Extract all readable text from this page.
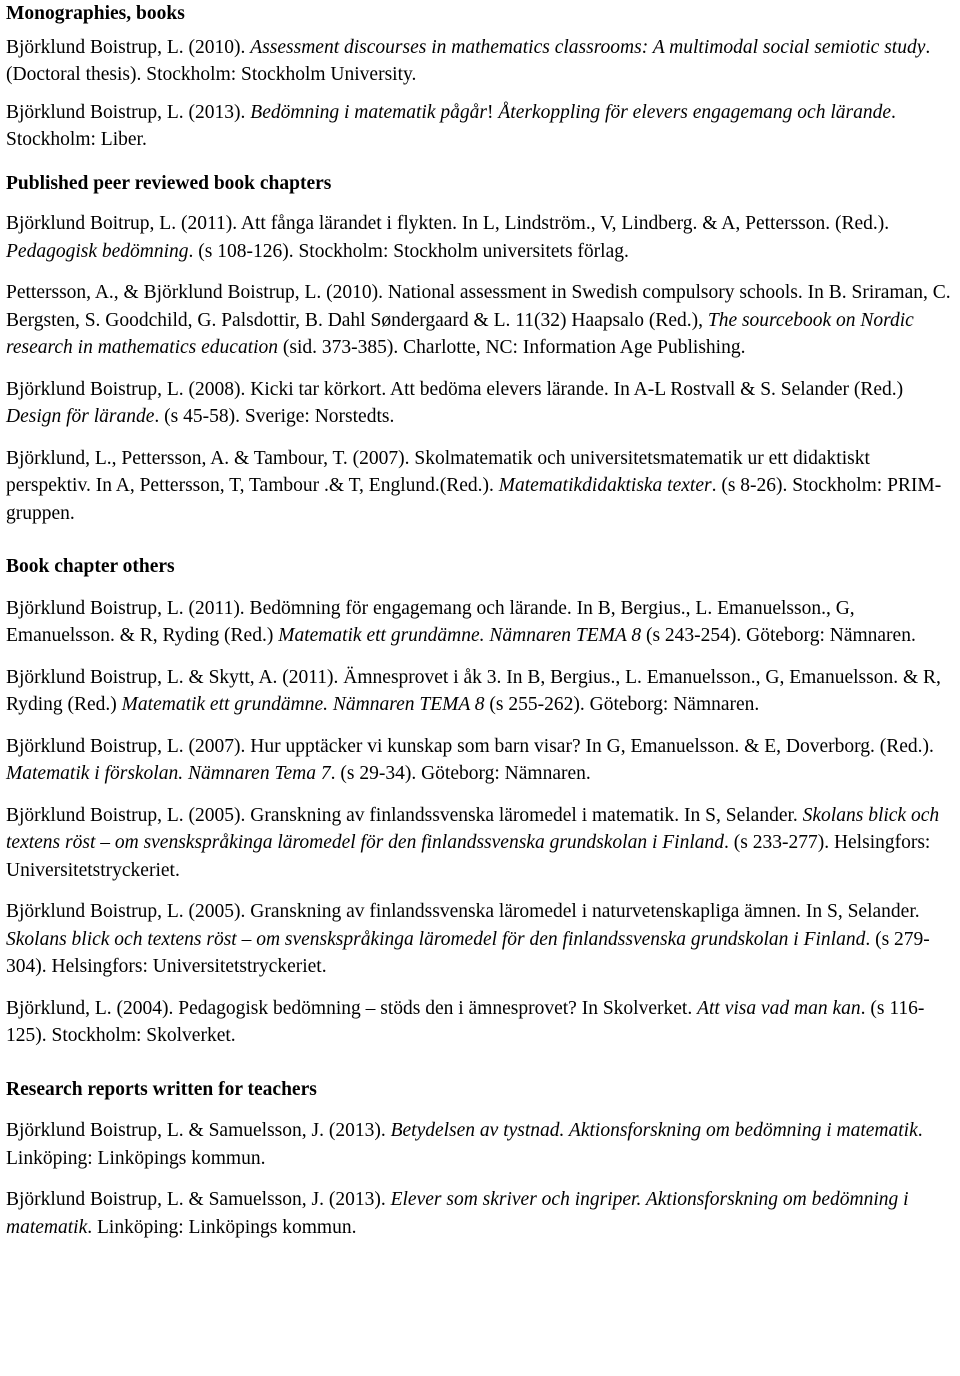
Monographies, books
Björklund Boistrup, L. (2010). Assessment discourses in mathematics classrooms: A multimodal social semiotic study. (Doctoral thesis). Stockholm: Stockholm University.
Björklund Boistrup, L. (2013). Bedömning i matematik pågår! Återkoppling för elevers engagemang och lärande. Stockholm: Liber.
Published peer reviewed book chapters
Björklund Boitrup, L. (2011). Att fånga lärandet i flykten. In L, Lindström., V, Lindberg. & A, Pettersson. (Red.). Pedagogisk bedömning. (s 108-126). Stockholm: Stockholm universitets förlag.
Pettersson, A., & Björklund Boistrup, L. (2010). National assessment in Swedish compulsory schools. In B. Sriraman, C. Bergsten, S. Goodchild, G. Palsdottir, B. Dahl Søndergaard & L. 11(32) Haapsalo (Red.), The sourcebook on Nordic research in mathematics education (sid. 373-385). Charlotte, NC: Information Age Publishing.
Björklund Boistrup, L. (2008). Kicki tar körkort. Att bedöma elevers lärande. In A-L Rostvall & S. Selander (Red.) Design för lärande. (s 45-58). Sverige: Norstedts.
Björklund, L., Pettersson, A. & Tambour, T. (2007). Skolmatematik och universitetsmatematik ur ett didaktiskt perspektiv. In A, Pettersson, T, Tambour .& T, Englund.(Red.). Matematikdidaktiska texter. (s 8-26). Stockholm: PRIM-gruppen.
Book chapter others
Björklund Boistrup, L. (2011). Bedömning för engagemang och lärande. In B, Bergius., L. Emanuelsson., G, Emanuelsson. & R, Ryding (Red.) Matematik ett grundämne. Nämnaren TEMA 8 (s 243-254). Göteborg: Nämnaren.
Björklund Boistrup, L. & Skytt, A. (2011). Ämnesprovet i åk 3. In B, Bergius., L. Emanuelsson., G, Emanuelsson. & R, Ryding (Red.) Matematik ett grundämne. Nämnaren TEMA 8 (s 255-262). Göteborg: Nämnaren.
Björklund Boistrup, L. (2007). Hur upptäcker vi kunskap som barn visar? In G, Emanuelsson. & E, Doverborg. (Red.). Matematik i förskolan. Nämnaren Tema 7. (s 29-34). Göteborg: Nämnaren.
Björklund Boistrup, L. (2005). Granskning av finlandssvenska läromedel i matematik. In S, Selander. Skolans blick och textens röst – om svenskspråkinga läromedel för den finlandssvenska grundskolan i Finland. (s 233-277). Helsingfors: Universitetstryckeriet.
Björklund Boistrup, L. (2005). Granskning av finlandssvenska läromedel i naturvetenskapliga ämnen. In S, Selander. Skolans blick och textens röst – om svenskspråkinga läromedel för den finlandssvenska grundskolan i Finland. (s 279-304). Helsingfors: Universitetstryckeriet.
Björklund, L. (2004). Pedagogisk bedömning – stöds den i ämnesprovet? In Skolverket. Att visa vad man kan. (s 116-125). Stockholm: Skolverket.
Research reports written for teachers
Björklund Boistrup, L. & Samuelsson, J. (2013). Betydelsen av tystnad. Aktionsforskning om bedömning i matematik. Linköping: Linköpings kommun.
Björklund Boistrup, L. & Samuelsson, J. (2013). Elever som skriver och ingriper. Aktionsforskning om bedömning i matematik. Linköping: Linköpings kommun.
